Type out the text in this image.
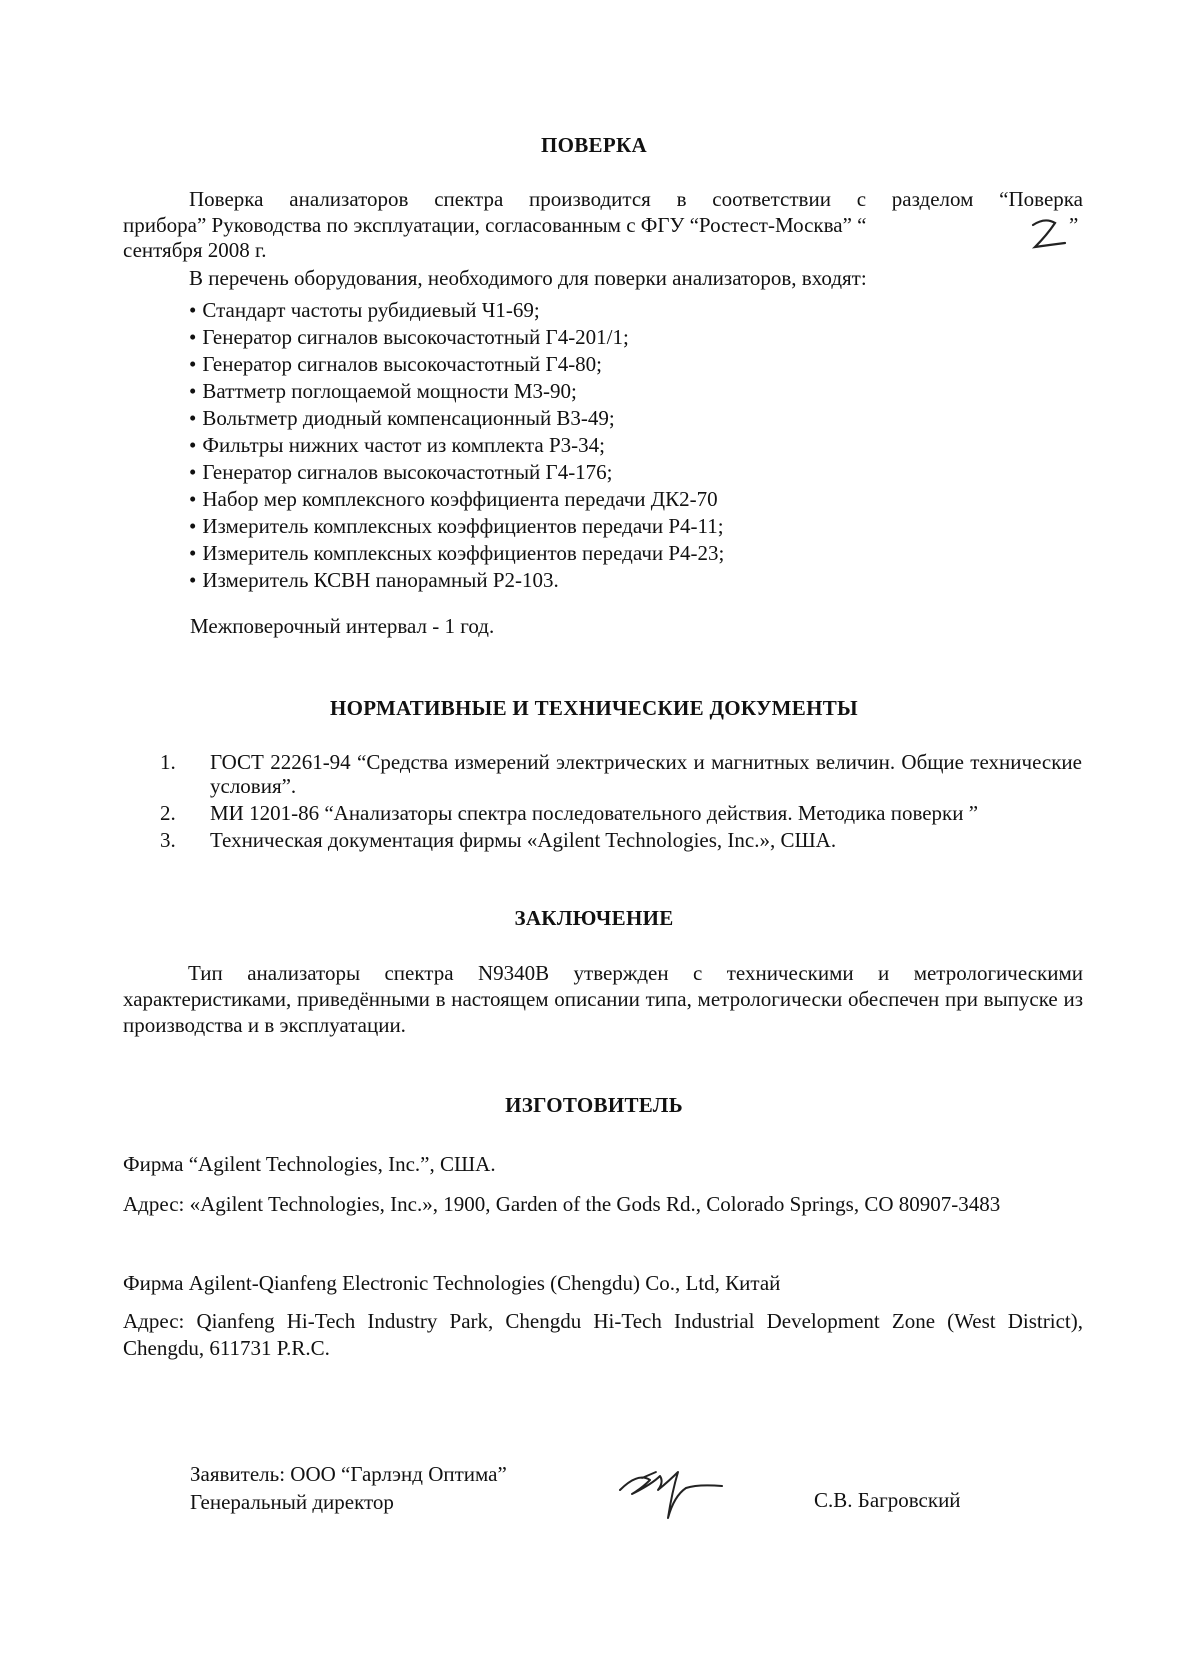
ПОВЕРКА
Поверка анализаторов спектра производится в соответствии с разделом “Поверка
прибора” Руководства по эксплуатации, согласованным с ФГУ “Ростест-Москва” “	”
сентября 2008 г.
В перечень оборудования, необходимого для поверки анализаторов, входят:
• Стандарт частоты рубидиевый Ч1-69;
• Генератор сигналов высокочастотный Г4-201/1;
• Генератор сигналов высокочастотный Г4-80;
• Ваттметр поглощаемой мощности М3-90;
• Вольтметр диодный компенсационный В3-49;
• Фильтры нижних частот из комплекта Р3-34;
• Генератор сигналов высокочастотный Г4-176;
• Набор мер комплексного коэффициента передачи ДК2-70
• Измеритель комплексных коэффициентов передачи Р4-11;
• Измеритель комплексных коэффициентов передачи Р4-23;
• Измеритель КСВН панорамный Р2-103.
Межповерочный интервал - 1 год.
НОРМАТИВНЫЕ И ТЕХНИЧЕСКИЕ ДОКУМЕНТЫ
1. ГОСТ 22261-94 “Средства измерений электрических и магнитных величин. Общие технические условия”.
2. МИ 1201-86 “Анализаторы спектра последовательного действия. Методика поверки ”
3. Техническая документация фирмы «Agilent Technologies, Inc.», США.
ЗАКЛЮЧЕНИЕ
Тип анализаторы спектра N9340B утвержден с техническими и метрологическими характеристиками, приведёнными в настоящем описании типа, метрологически обеспечен при выпуске из производства и в эксплуатации.
ИЗГОТОВИТЕЛЬ
Фирма “Agilent Technologies, Inc.”, США.
Адрес: «Agilent Technologies, Inc.», 1900, Garden of the Gods Rd., Colorado Springs, CO 80907-3483
Фирма Agilent-Qianfeng Electronic Technologies (Chengdu) Co., Ltd, Китай
Адрес: Qianfeng Hi-Tech Industry Park, Chengdu Hi-Tech Industrial Development Zone (West District), Chengdu, 611731 P.R.C.
Заявитель: ООО “Гарлэнд Оптима”
Генеральный директор	С.В. Багровский
